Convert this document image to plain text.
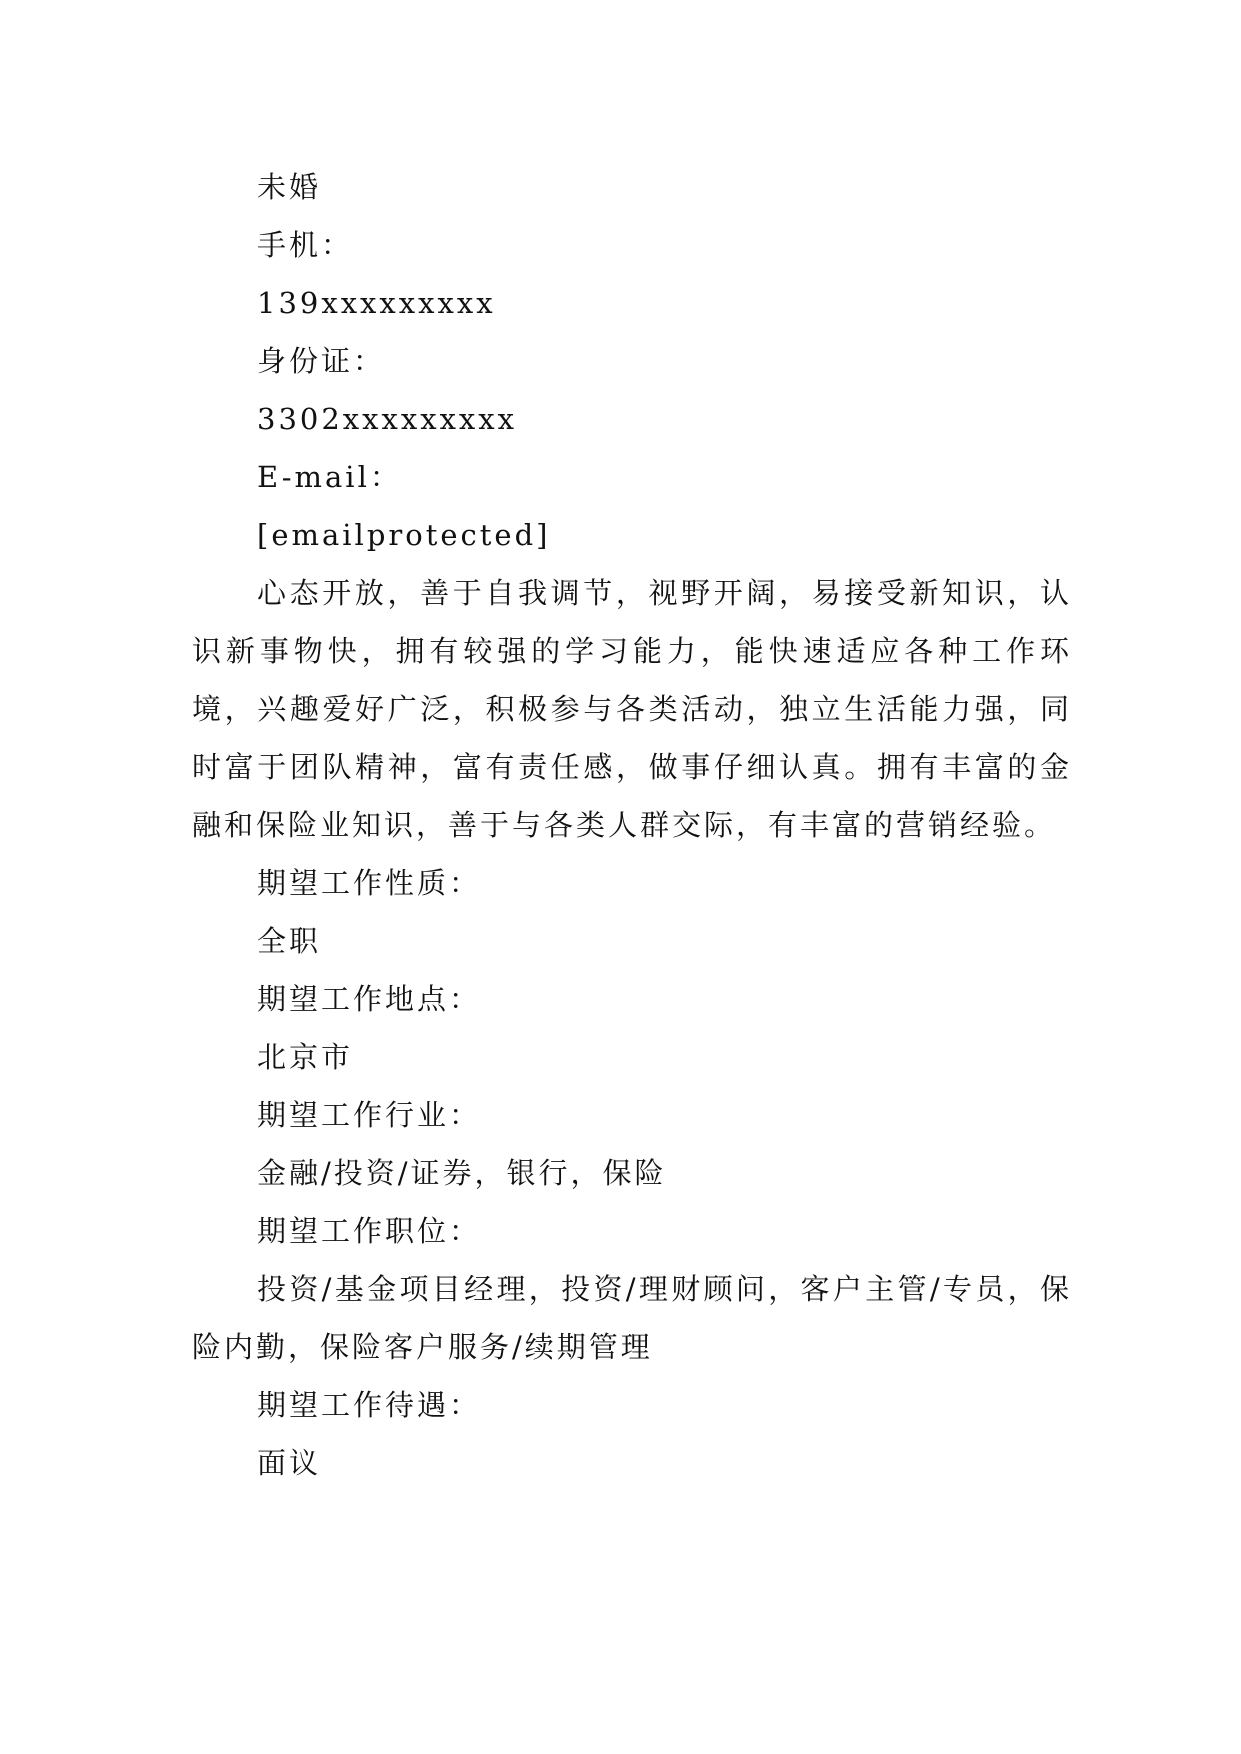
未婚

手机：

139xxxxxxxxx

身份证：

3302xxxxxxxxx

E-mail：

[emailprotected]

心态开放，善于自我调节，视野开阔，易接受新知识，认识新事物快，拥有较强的学习能力，能快速适应各种工作环境，兴趣爱好广泛，积极参与各类活动，独立生活能力强，同时富于团队精神，富有责任感，做事仔细认真。拥有丰富的金融和保险业知识，善于与各类人群交际，有丰富的营销经验。

期望工作性质：

全职

期望工作地点：

北京市

期望工作行业：

金融/投资/证券，银行，保险

期望工作职位：

投资/基金项目经理，投资/理财顾问，客户主管/专员，保险内勤，保险客户服务/续期管理

期望工作待遇：

面议
